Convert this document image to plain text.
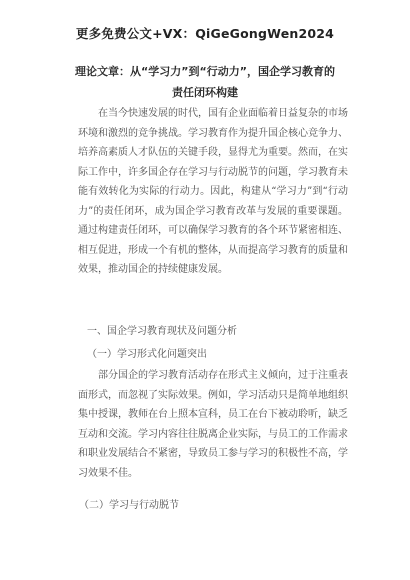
更多免费公文+VX：QiGeGongWen2024
理论文章：从“学习力”到“行动力”，国企学习教育的
责任闭环构建

在当今快速发展的时代，国有企业面临着日益复杂的市场环境和激烈的竞争挑战。学习教育作为提升国企核心竞争力、培养高素质人才队伍的关键手段，显得尤为重要。然而，在实际工作中，许多国企存在学习与行动脱节的问题，学习教育未能有效转化为实际的行动力。因此，构建从“学习力”到“行动力”的责任闭环，成为国企学习教育改革与发展的重要课题。通过构建责任闭环，可以确保学习教育的各个环节紧密相连、相互促进，形成一个有机的整体，从而提高学习教育的质量和效果，推动国企的持续健康发展。

一、国企学习教育现状及问题分析

（一）学习形式化问题突出

部分国企的学习教育活动存在形式主义倾向，过于注重表面形式，而忽视了实际效果。例如，学习活动只是简单地组织集中授课，教师在台上照本宣科，员工在台下被动聆听，缺乏互动和交流。学习内容往往脱离企业实际，与员工的工作需求和职业发展结合不紧密，导致员工参与学习的积极性不高，学习效果不佳。

（二）学习与行动脱节
